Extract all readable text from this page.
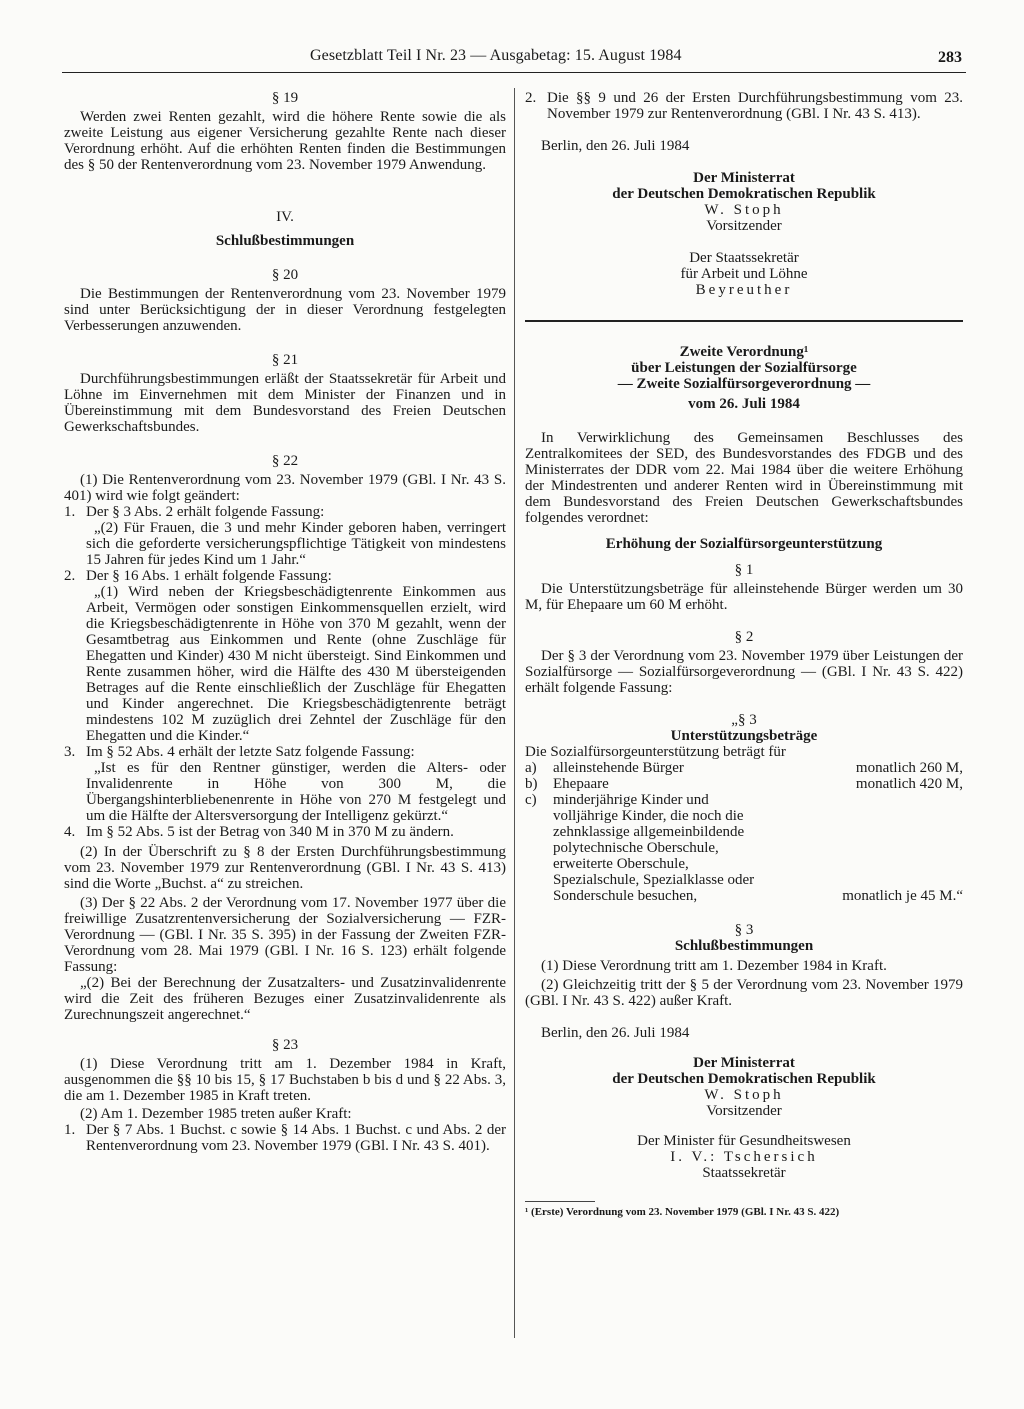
Gesetzblatt Teil I Nr. 23 — Ausgabetag: 15. August 1984	283

§ 19

Werden zwei Renten gezahlt, wird die höhere Rente sowie die als zweite Leistung aus eigener Versicherung gezahlte Rente nach dieser Verordnung erhöht. Auf die erhöhten Renten finden die Bestimmungen des § 50 der Rentenverordnung vom 23. November 1979 Anwendung.

IV.

Schlußbestimmungen

§ 20

Die Bestimmungen der Rentenverordnung vom 23. November 1979 sind unter Berücksichtigung der in dieser Verordnung festgelegten Verbesserungen anzuwenden.

§ 21

Durchführungsbestimmungen erläßt der Staatssekretär für Arbeit und Löhne im Einvernehmen mit dem Minister der Finanzen und in Übereinstimmung mit dem Bundesvorstand des Freien Deutschen Gewerkschaftsbundes.

§ 22

(1) Die Rentenverordnung vom 23. November 1979 (GBl. I Nr. 43 S. 401) wird wie folgt geändert:

1. Der § 3 Abs. 2 erhält folgende Fassung:

„(2) Für Frauen, die 3 und mehr Kinder geboren haben, verringert sich die geforderte versicherungspflichtige Tätigkeit von mindestens 15 Jahren für jedes Kind um 1 Jahr.“

2. Der § 16 Abs. 1 erhält folgende Fassung:

„(1) Wird neben der Kriegsbeschädigtenrente Einkommen aus Arbeit, Vermögen oder sonstigen Einkommensquellen erzielt, wird die Kriegsbeschädigtenrente in Höhe von 370 M gezahlt, wenn der Gesamtbetrag aus Einkommen und Rente (ohne Zuschläge für Ehegatten und Kinder) 430 M nicht übersteigt. Sind Einkommen und Rente zusammen höher, wird die Hälfte des 430 M übersteigenden Betrages auf die Rente einschließlich der Zuschläge für Ehegatten und Kinder angerechnet. Die Kriegsbeschädigtenrente beträgt mindestens 102 M zuzüglich drei Zehntel der Zuschläge für den Ehegatten und die Kinder.“

3. Im § 52 Abs. 4 erhält der letzte Satz folgende Fassung:

„Ist es für den Rentner günstiger, werden die Alters- oder Invalidenrente in Höhe von 300 M, die Übergangshinterbliebenenrente in Höhe von 270 M festgelegt und um die Hälfte der Altersversorgung der Intelligenz gekürzt.“

4. Im § 52 Abs. 5 ist der Betrag von 340 M in 370 M zu ändern.

(2) In der Überschrift zu § 8 der Ersten Durchführungsbestimmung vom 23. November 1979 zur Rentenverordnung (GBl. I Nr. 43 S. 413) sind die Worte „Buchst. a“ zu streichen.

(3) Der § 22 Abs. 2 der Verordnung vom 17. November 1977 über die freiwillige Zusatzrentenversicherung der Sozialversicherung — FZR-Verordnung — (GBl. I Nr. 35 S. 395) in der Fassung der Zweiten FZR-Verordnung vom 28. Mai 1979 (GBl. I Nr. 16 S. 123) erhält folgende Fassung:

„(2) Bei der Berechnung der Zusatzalters- und Zusatzinvalidenrente wird die Zeit des früheren Bezuges einer Zusatzinvalidenrente als Zurechnungszeit angerechnet.“

§ 23

(1) Diese Verordnung tritt am 1. Dezember 1984 in Kraft, ausgenommen die §§ 10 bis 15, § 17 Buchstaben b bis d und § 22 Abs. 3, die am 1. Dezember 1985 in Kraft treten.

(2) Am 1. Dezember 1985 treten außer Kraft:

1. Der § 7 Abs. 1 Buchst. c sowie § 14 Abs. 1 Buchst. c und Abs. 2 der Rentenverordnung vom 23. November 1979 (GBl. I Nr. 43 S. 401).
2. Die §§ 9 und 26 der Ersten Durchführungsbestimmung vom 23. November 1979 zur Rentenverordnung (GBl. I Nr. 43 S. 413).

Berlin, den 26. Juli 1984

Der Ministerrat

der Deutschen Demokratischen Republik

W. Stoph

Vorsitzender

Der Staatssekretär

für Arbeit und Löhne

Beyreuther

Zweite Verordnung¹

über Leistungen der Sozialfürsorge

— Zweite Sozialfürsorgeverordnung —

vom 26. Juli 1984

In Verwirklichung des Gemeinsamen Beschlusses des Zentralkomitees der SED, des Bundesvorstandes des FDGB und des Ministerrates der DDR vom 22. Mai 1984 über die weitere Erhöhung der Mindestrenten und anderer Renten wird in Übereinstimmung mit dem Bundesvorstand des Freien Deutschen Gewerkschaftsbundes folgendes verordnet:

Erhöhung der Sozialfürsorgeunterstützung

§ 1

Die Unterstützungsbeträge für alleinstehende Bürger werden um 30 M, für Ehepaare um 60 M erhöht.

§ 2

Der § 3 der Verordnung vom 23. November 1979 über Leistungen der Sozialfürsorge — Sozialfürsorgeverordnung — (GBl. I Nr. 43 S. 422) erhält folgende Fassung:

„§ 3

Unterstützungsbeträge

Die Sozialfürsorgeunterstützung beträgt für

a)	alleinstehende Bürger	monatlich 260 M,
b)	Ehepaare	monatlich 420 M,
c)	minderjährige Kinder und volljährige Kinder, die noch die zehnklassige allgemeinbildende polytechnische Oberschule, erweiterte Oberschule, Spezialschule, Spezialklasse oder Sonderschule besuchen,	monatlich je 45 M.“

§ 3

Schlußbestimmungen

(1) Diese Verordnung tritt am 1. Dezember 1984 in Kraft.

(2) Gleichzeitig tritt der § 5 der Verordnung vom 23. November 1979 (GBl. I Nr. 43 S. 422) außer Kraft.

Berlin, den 26. Juli 1984

Der Ministerrat

der Deutschen Demokratischen Republik

W. Stoph

Vorsitzender

Der Minister für Gesundheitswesen

I. V.: Tschersich

Staatssekretär

¹ (Erste) Verordnung vom 23. November 1979 (GBl. I Nr. 43 S. 422)
